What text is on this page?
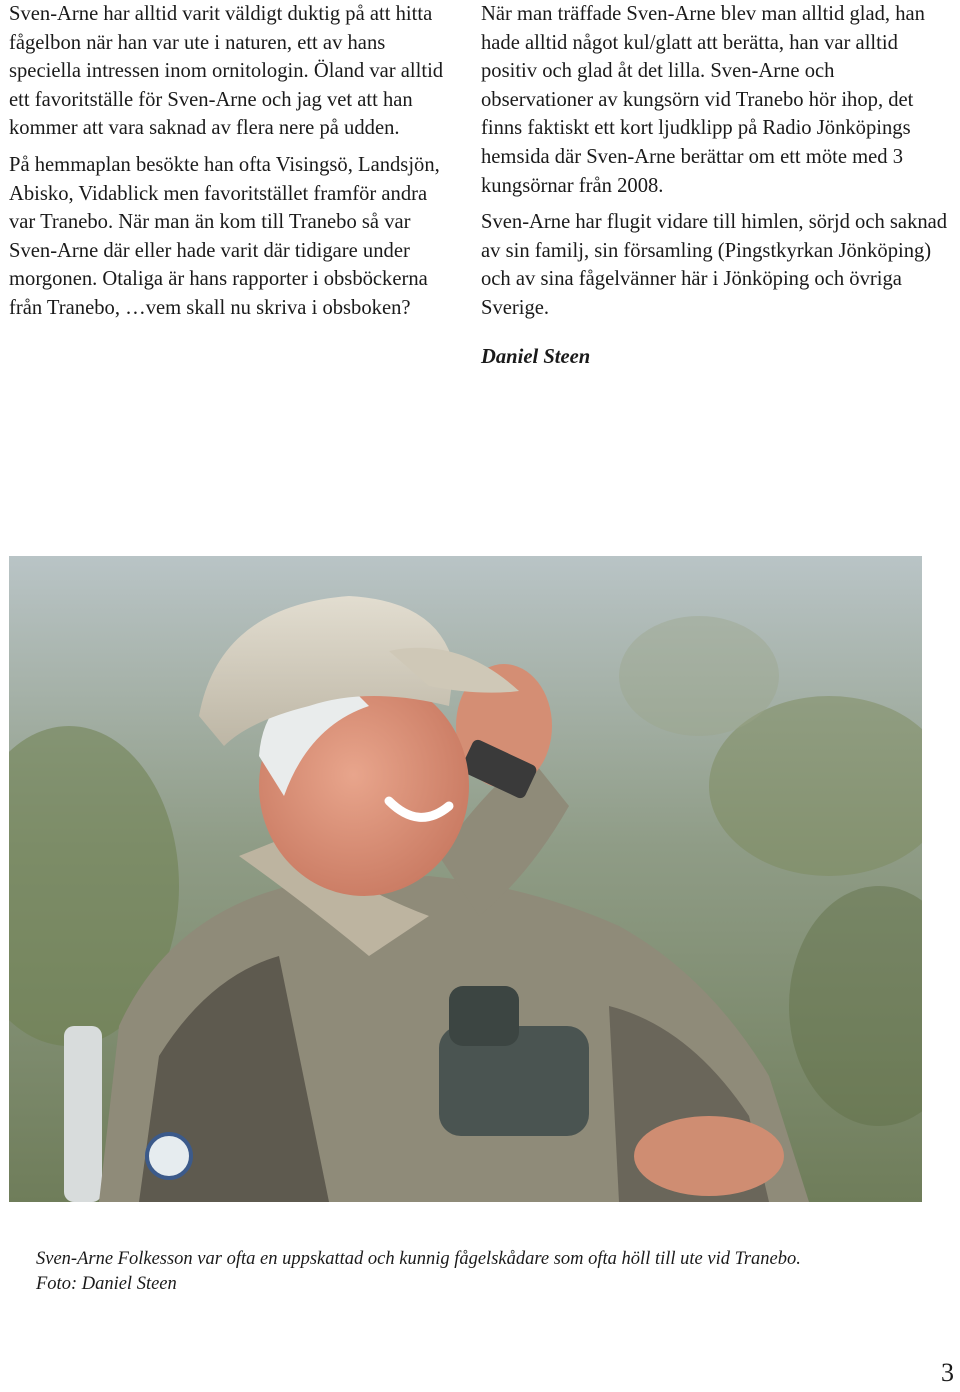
Sven-Arne har alltid varit väldigt duktig på att hitta fågelbon när han var ute i naturen, ett av hans speciella intressen inom ornitologin. Öland var alltid ett favoritställe för Sven-Arne och jag vet att han kommer att vara saknad av flera nere på udden.

På hemmaplan besökte han ofta Visingsö, Landsjön, Abisko, Vidablick men favoritstället framför andra var Tranebo. När man än kom till Tranebo så var Sven-Arne där eller hade varit där tidigare under morgonen. Otaliga är hans rapporter i obsböckerna från Tranebo, …vem skall nu skriva i obsboken?

När man träffade Sven-Arne blev man alltid glad, han hade alltid något kul/glatt att berätta, han var alltid positiv och glad åt det lilla. Sven-Arne och observationer av kungsörn vid Tranebo hör ihop, det finns faktiskt ett kort ljudklipp på Radio Jönköpings hemsida där Sven-Arne berättar om ett möte med 3 kungsörnar från 2008.

Sven-Arne har flugit vidare till himlen, sörjd och saknad av sin familj, sin församling (Pingstkyrkan Jönköping) och av sina fågelvänner här i Jönköping och övriga Sverige.

Daniel Steen

Sven-Arne Folkesson var ofta en uppskattad och kunnig fågelskådare som ofta höll till ute vid Tranebo.
Foto: Daniel Steen
3
